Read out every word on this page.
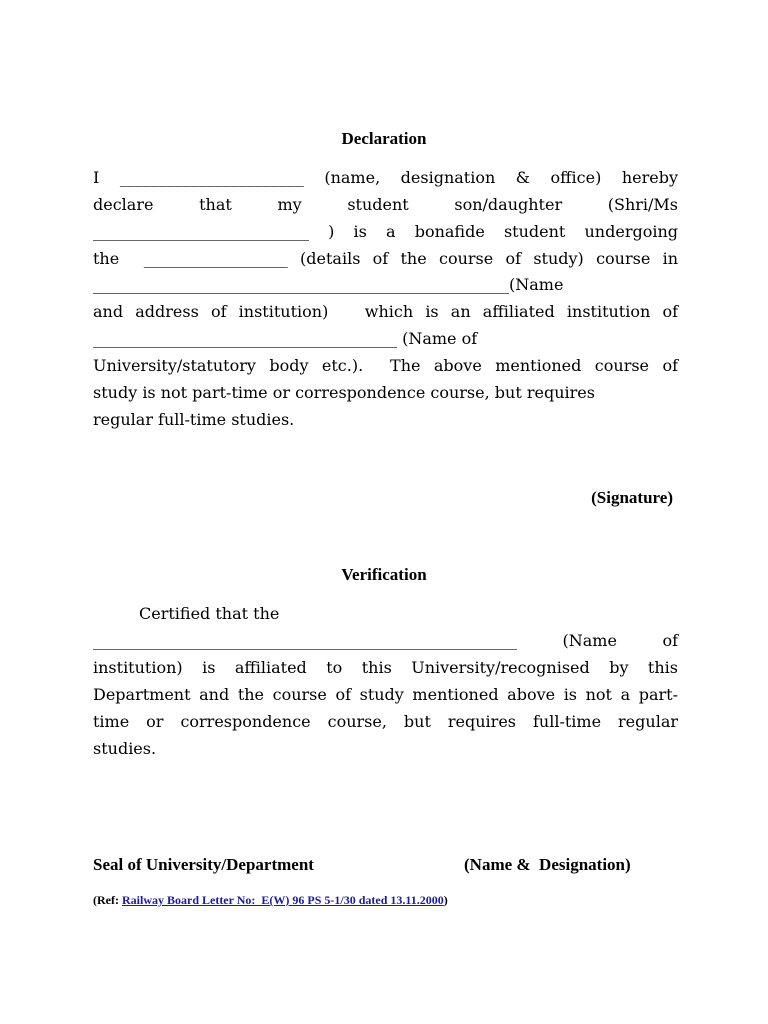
Declaration
I _______________________ (name, designation & office) hereby
declare that my student son/daughter (Shri/Ms
___________________________ ) is a bonafide student undergoing
the  __________________ (details of the course of study) course in
____________________________________________________(Name
and address of institution)   which is an affiliated institution of
______________________________________ (Name of
University/statutory body etc.).  The above mentioned course of
study is not part-time or correspondence course, but requires
regular full-time studies.
(Signature)
Verification
Certified that the
_____________________________________________________ (Name of
institution) is affiliated to this University/recognised by this
Department and the course of study mentioned above is not a part-
time or correspondence course, but requires full-time regular
studies.
Seal of University/Department	(Name &  Designation)
(Ref: Railway Board Letter No:  E(W) 96 PS 5-1/30 dated 13.11.2000)
